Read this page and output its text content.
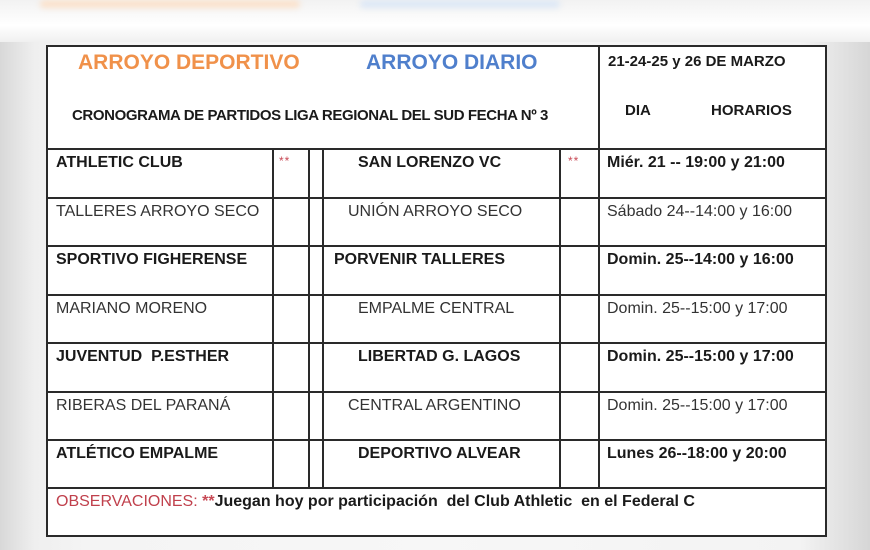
ARROYO DEPORTIVO	ARROYO DIARIO
CRONOGRAMA DE PARTIDOS LIGA REGIONAL DEL SUD FECHA Nº 3
21-24-25 y 26 DE MARZO
DIA	HORARIOS
ATHLETIC CLUB	**	SAN LORENZO VC	** Miér. 21 -- 19:00 y 21:00
TALLERES ARROYO SECO	UNIÓN ARROYO SECO	Sábado 24--14:00 y 16:00
SPORTIVO FIGHERENSE	PORVENIR TALLERES	Domin. 25--14:00 y 16:00
MARIANO MORENO	EMPALME CENTRAL	Domin. 25--15:00 y 17:00
JUVENTUD  P.ESTHER	LIBERTAD G. LAGOS	Domin. 25--15:00 y 17:00
RIBERAS DEL PARANÁ	CENTRAL ARGENTINO	Domin. 25--15:00 y 17:00
ATLÉTICO EMPALME	DEPORTIVO ALVEAR	Lunes 26--18:00 y 20:00
OBSERVACIONES: **Juegan hoy por participación  del Club Athletic  en el Federal C
